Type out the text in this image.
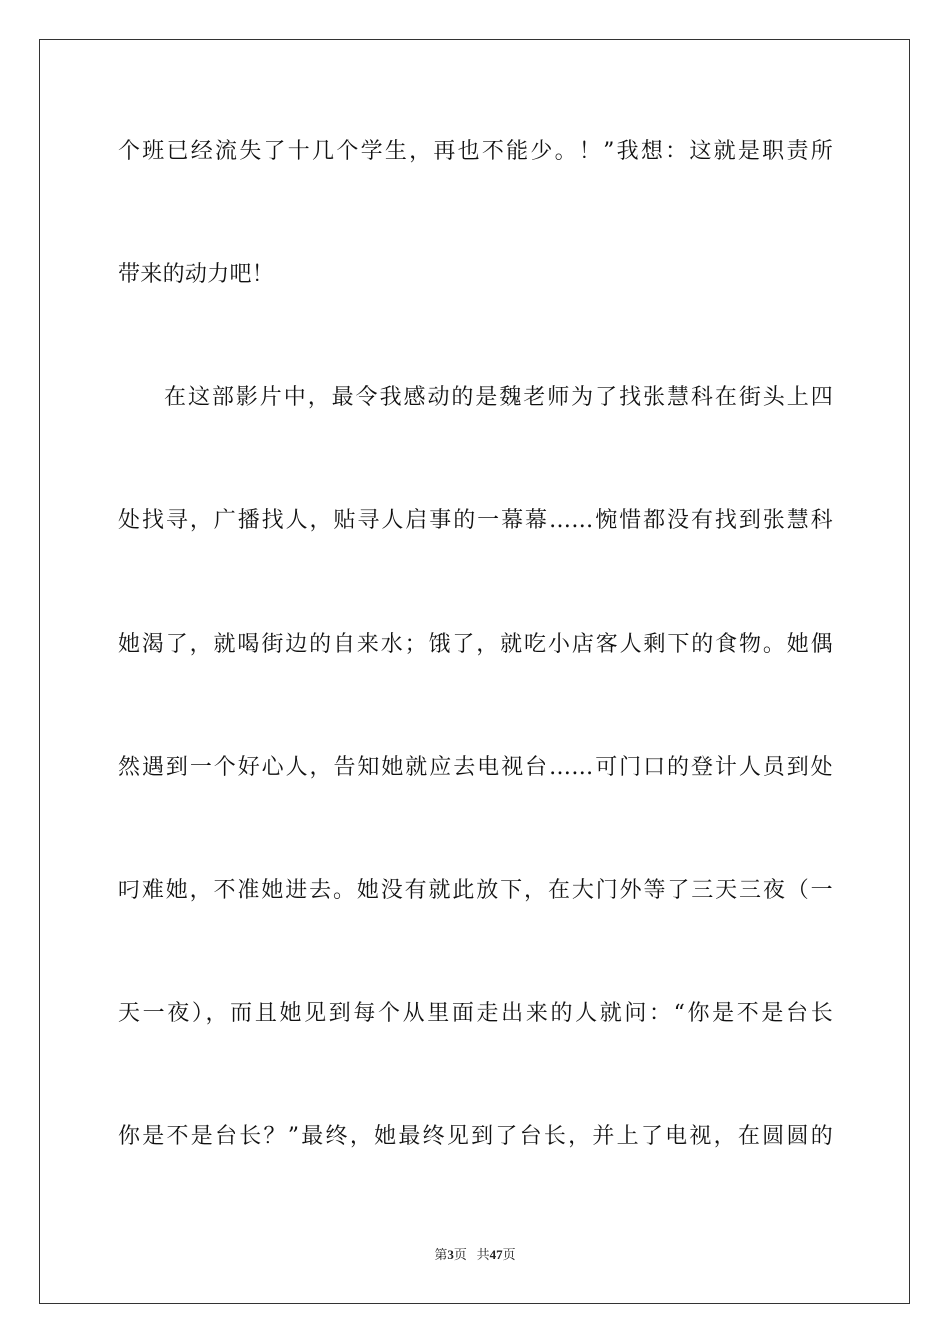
个班已经流失了十几个学生，再也不能少。！”我想：这就是职责所
带来的动力吧！
在这部影片中，最令我感动的是魏老师为了找张慧科在街头上四
处找寻，广播找人，贴寻人启事的一幕幕……惋惜都没有找到张慧科
她渴了，就喝街边的自来水；饿了，就吃小店客人剩下的食物。她偶
然遇到一个好心人，告知她就应去电视台……可门口的登计人员到处
叼难她，不准她进去。她没有就此放下，在大门外等了三天三夜（一
天一夜），而且她见到每个从里面走出来的人就问：“你是不是台长
你是不是台长？”最终，她最终见到了台长，并上了电视，在圆圆的
第3页 共47页
